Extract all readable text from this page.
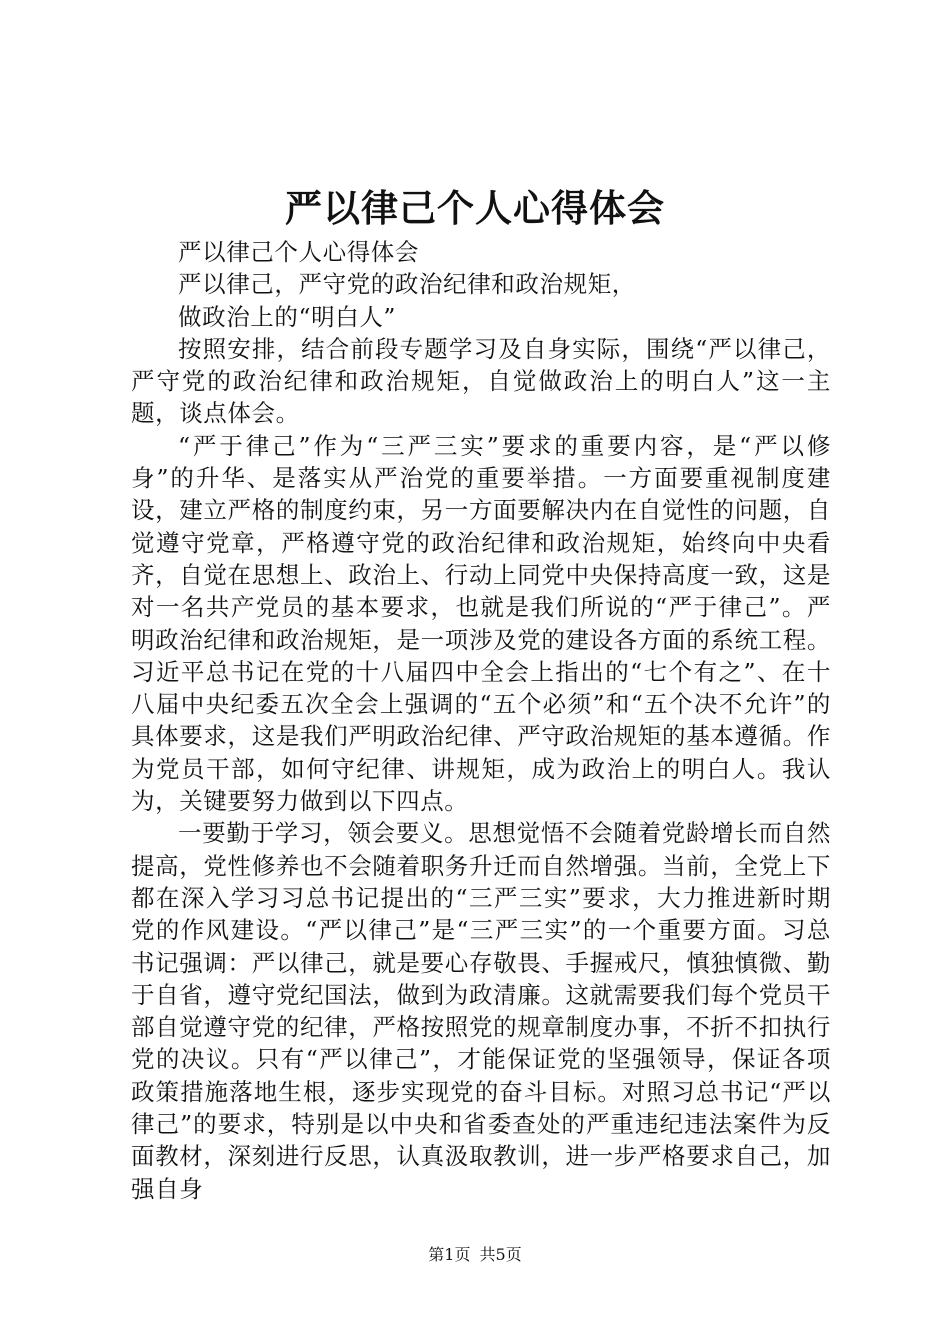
严以律己个人心得体会

严以律己个人心得体会

严以律己，严守党的政治纪律和政治规矩，

做政治上的“明白人”

按照安排，结合前段专题学习及自身实际，围绕“严以律己，严守党的政治纪律和政治规矩，自觉做政治上的明白人”这一主题，谈点体会。

“严于律己”作为“三严三实”要求的重要内容，是“严以修身”的升华、是落实从严治党的重要举措。一方面要重视制度建设，建立严格的制度约束，另一方面要解决内在自觉性的问题，自觉遵守党章，严格遵守党的政治纪律和政治规矩，始终向中央看齐，自觉在思想上、政治上、行动上同党中央保持高度一致，这是对一名共产党员的基本要求，也就是我们所说的“严于律己”。严明政治纪律和政治规矩，是一项涉及党的建设各方面的系统工程。习近平总书记在党的十八届四中全会上指出的“七个有之”、在十八届中央纪委五次全会上强调的“五个必须”和“五个决不允许”的具体要求，这是我们严明政治纪律、严守政治规矩的基本遵循。作为党员干部，如何守纪律、讲规矩，成为政治上的明白人。我认为，关键要努力做到以下四点。

一要勤于学习，领会要义。思想觉悟不会随着党龄增长而自然提高，党性修养也不会随着职务升迁而自然增强。当前，全党上下都在深入学习习总书记提出的“三严三实”要求，大力推进新时期党的作风建设。“严以律己”是“三严三实”的一个重要方面。习总书记强调：严以律己，就是要心存敬畏、手握戒尺，慎独慎微、勤于自省，遵守党纪国法，做到为政清廉。这就需要我们每个党员干部自觉遵守党的纪律，严格按照党的规章制度办事，不折不扣执行党的决议。只有“严以律己”，才能保证党的坚强领导，保证各项政策措施落地生根，逐步实现党的奋斗目标。对照习总书记“严以律己”的要求，特别是以中央和省委查处的严重违纪违法案件为反面教材，深刻进行反思，认真汲取教训，进一步严格要求自己，加强自身

第1页 共5页
